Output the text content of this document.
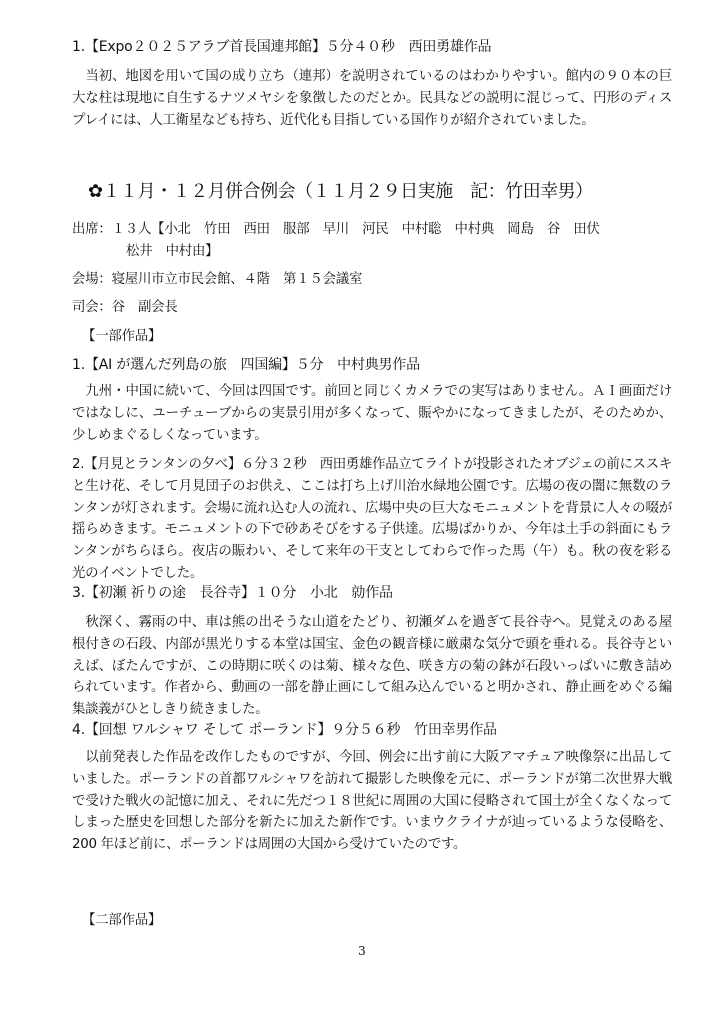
1.【Expo２０２５アラブ首長国連邦館】５分４０秒　西田勇雄作品

当初、地図を用いて国の成り立ち（連邦）を説明されているのはわかりやすい。館内の９０本の巨大な柱は現地に自生するナツメヤシを象徴したのだとか。民具などの説明に混じって、円形のディスプレイには、人工衛星なども持ち、近代化も目指している国作りが紹介されていました。

✿１１月・１２月併合例会（１１月２９日実施　記：竹田幸男）
出席：１３人【小北　竹田　西田　服部　早川　河民　中村聡　中村典　岡島　谷　田伏
松井　中村由】
会場：寝屋川市立市民会館、４階　第１５会議室
司会：谷　副会長
【一部作品】
1.【AI が選んだ列島の旅　四国編】５分　中村典男作品

九州・中国に続いて、今回は四国です。前回と同じくカメラでの実写はありません。ＡＩ画面だけではなしに、ユーチューブからの実景引用が多くなって、賑やかになってきましたが、そのためか、少しめまぐるしくなっています。

2.【月見とランタンの夕べ】６分３２秒　西田勇雄作品立てライトが投影されたオブジェの前にススキと生け花、そして月見団子のお供え、ここは打ち上げ川治水緑地公園です。広場の夜の闇に無数のランタンが灯されます。会場に流れ込む人の流れ、広場中央の巨大なモニュメントを背景に人々の啜が揺らめきます。モニュメントの下で砂あそびをする子供達。広場ばかりか、今年は土手の斜面にもランタンがちらほら。夜店の賑わい、そして来年の干支としてわらで作った馬（午）も。秋の夜を彩る光のイベントでした。

3.【初瀬 祈りの途　長谷寺】１０分　小北　勍作品

秋深く、霧雨の中、車は熊の出そうな山道をたどり、初瀬ダムを過ぎて長谷寺へ。見覚えのある屋根付きの石段、内部が黒光りする本堂は国宝、金色の観音様に厳粛な気分で頭を垂れる。長谷寺といえば、ぼたんですが、この時期に咲くのは菊、様々な色、咲き方の菊の鉢が石段いっぱいに敷き詰められています。作者から、動画の一部を静止画にして組み込んでいると明かされ、静止画をめぐる編集談義がひとしきり続きました。

4.【回想 ワルシャワ そして ポーランド】９分５６秒　竹田幸男作品

以前発表した作品を改作したものですが、今回、例会に出す前に大阪アマチュア映像祭に出品していました。ポーランドの首都ワルシャワを訪れて撮影した映像を元に、ポーランドが第二次世界大戦で受けた戦火の記憶に加え、それに先だつ１８世紀に周囲の大国に侵略されて国土が全くなくなってしまった歴史を回想した部分を新たに加えた新作です。いまウクライナが辿っているような侵略を、200 年ほど前に、ポーランドは周囲の大国から受けていたのです。

【二部作品】
3
